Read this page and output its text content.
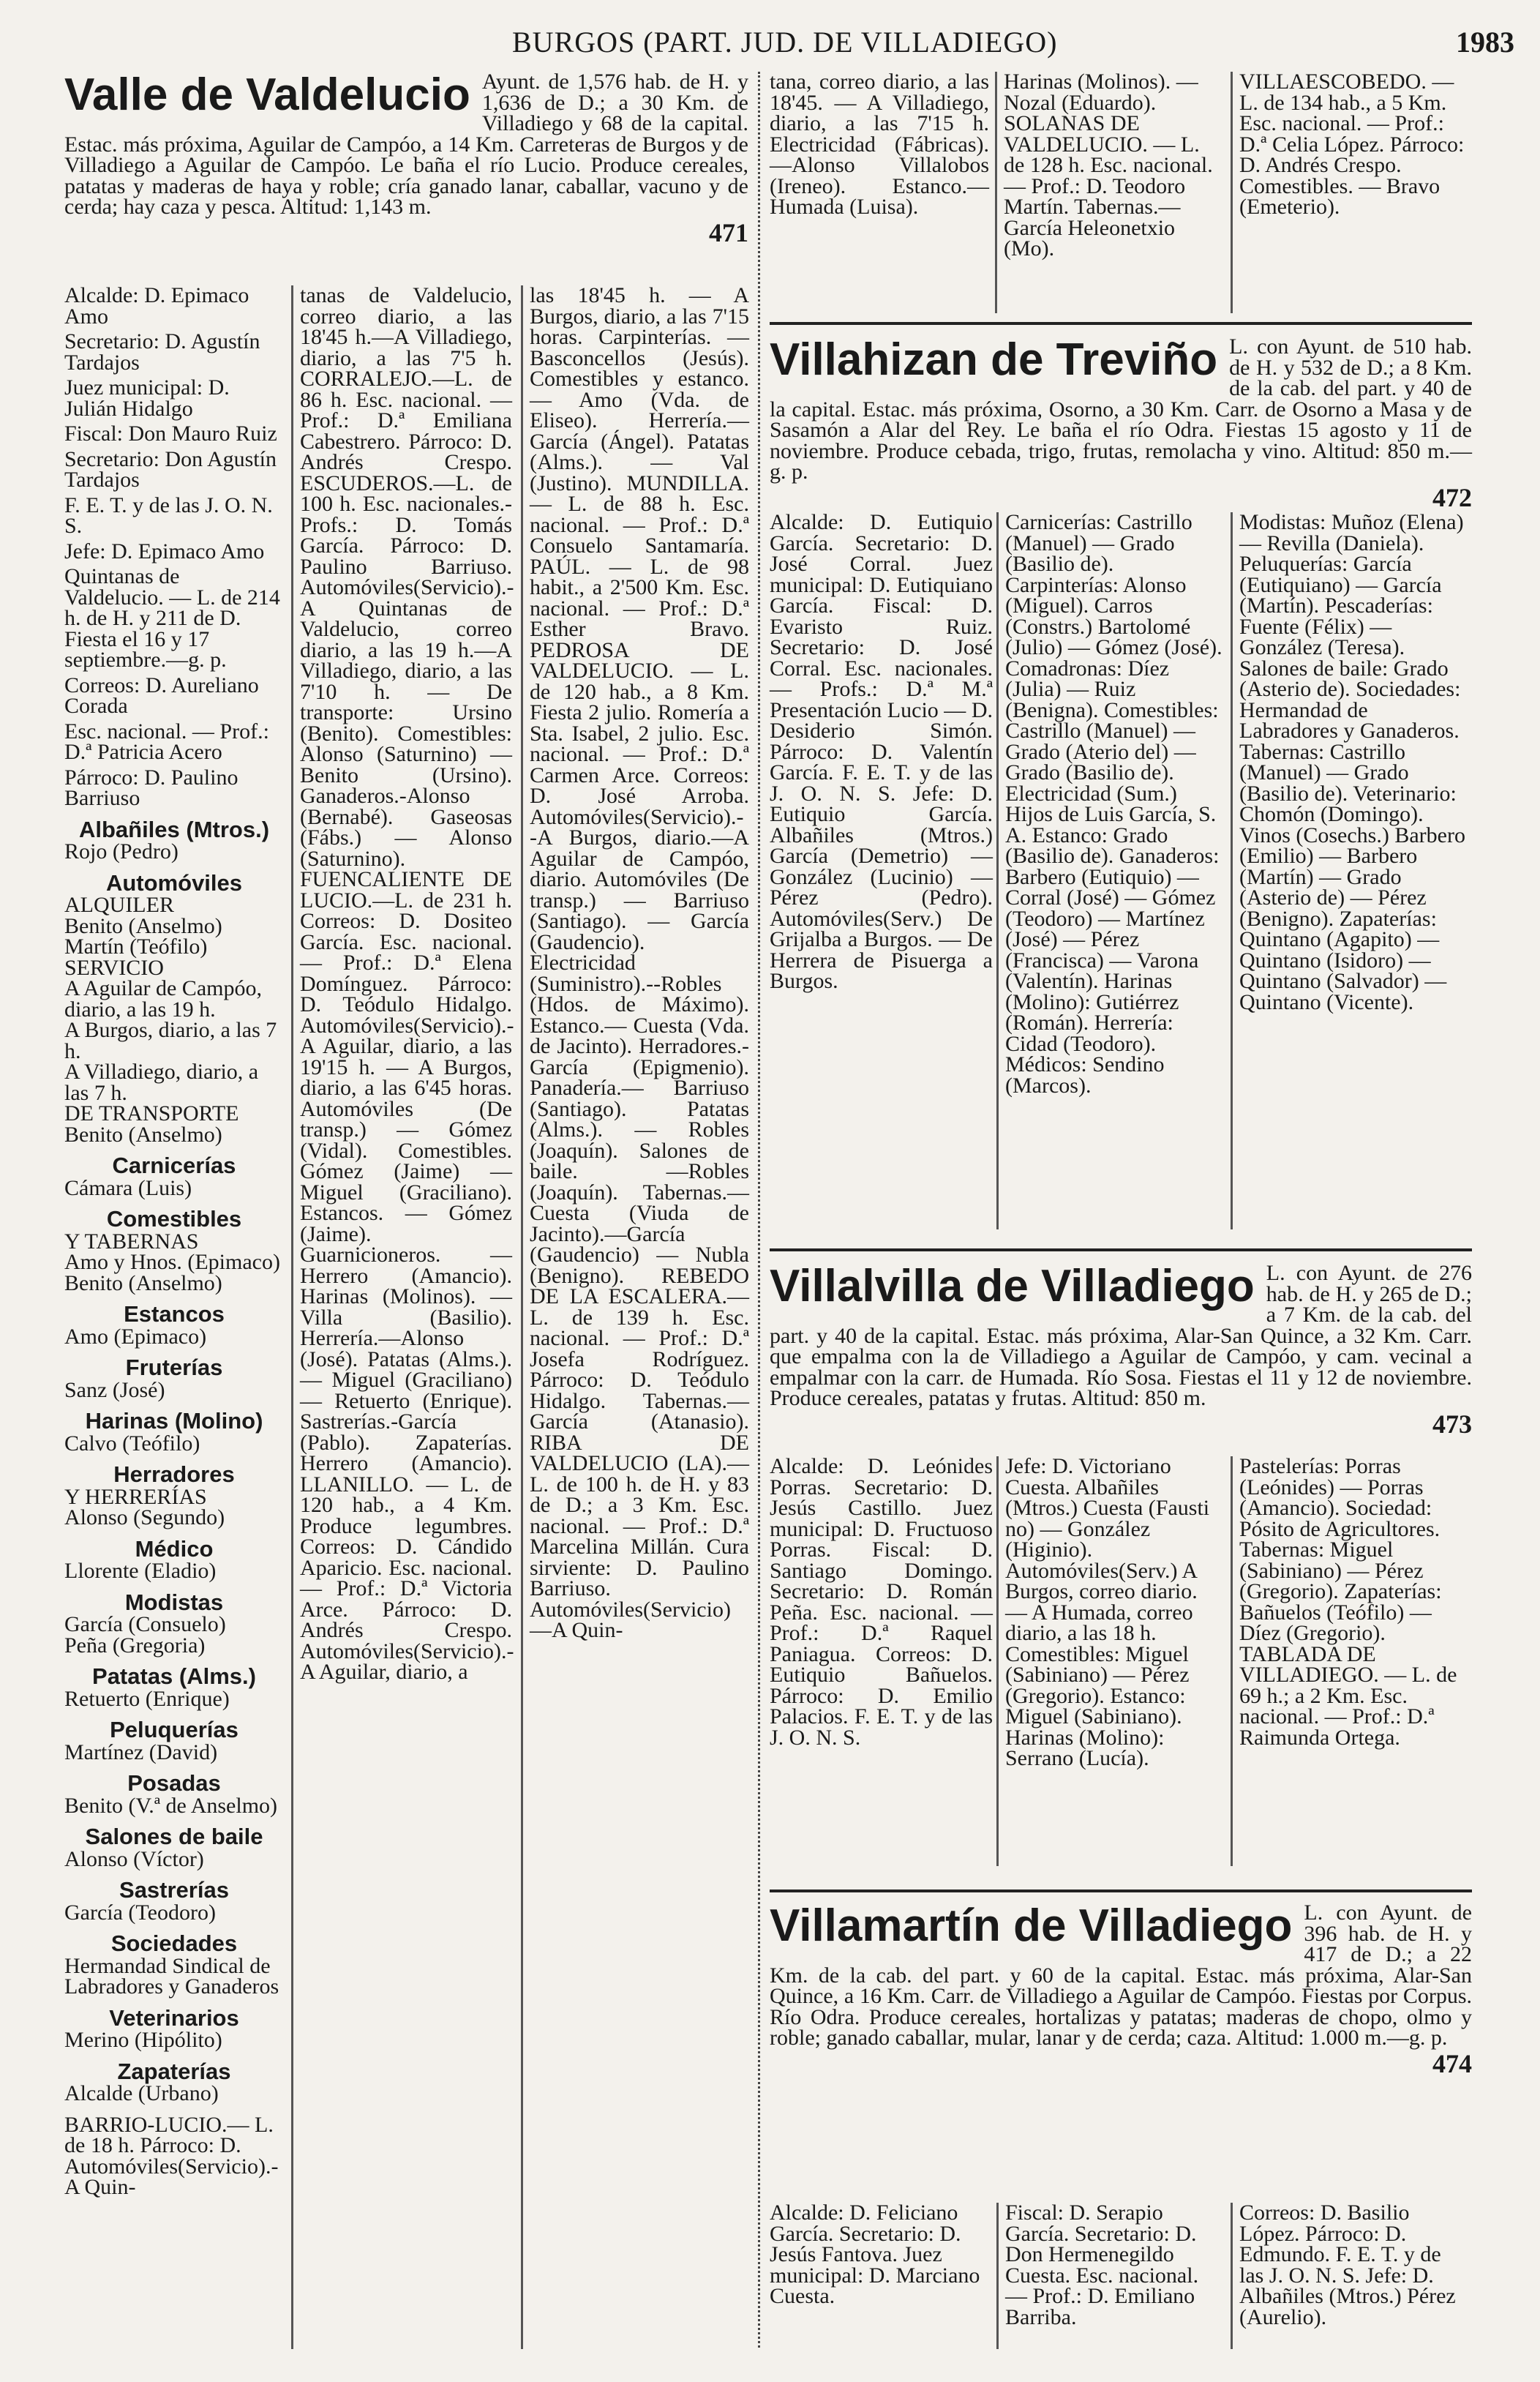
BURGOS (PART. JUD. DE VILLADIEGO)	1983
Valle de Valdelucio Ayunt. de 1,576 hab. de H. y 1,636 de D.; a 30 Km. de Villadiego y 68 de la capital. Estac. más próxima, Aguilar de Campóo, a 14 Km. Carreteras de Burgos y de Villadiego a Aguilar de Campóo. Le baña el río Lucio. Produce cereales, patatas y maderas de haya y roble; cría ganado lanar, caballar, vacuno y de cerda; hay caza y pesca. Altitud: 1,143 m.

471

Alcalde: D. Epimaco Amo

Secretario: D. Agustín Tardajos

Juez municipal: D. Julián Hidalgo

Fiscal: Don Mauro Ruiz

Secretario: Don Agustín Tardajos

F. E. T. y de las J. O. N. S.

Jefe: D. Epimaco Amo

Quintanas de Valdelucio. — L. de 214 h. de H. y 211 de D. Fiesta el 16 y 17 septiembre.—g. p.

Correos: D. Aureliano Corada

Esc. nacional. — Prof.: D.ª Patricia Acero

Párroco: D. Paulino Barriuso

Albañiles (Mtros.)
Rojo (Pedro)
Automóviles
ALQUILER
Benito (Anselmo)
Martín (Teófilo)
SERVICIO
A Aguilar de Campóo, diario, a las 19 h.
A Burgos, diario, a las 7 h.
A Villadiego, diario, a las 7 h.
DE TRANSPORTE
Benito (Anselmo)
Carnicerías
Cámara (Luis)
Comestibles
Y TABERNAS
Amo y Hnos. (Epimaco)
Benito (Anselmo)
Estancos
Amo (Epimaco)
Fruterías
Sanz (José)
Harinas (Molino)
Calvo (Teófilo)
Herradores
Y HERRERÍAS
Alonso (Segundo)
Médico
Llorente (Eladio)
Modistas
García (Consuelo)
Peña (Gregoria)
Patatas (Alms.)
Retuerto (Enrique)
Peluquerías
Martínez (David)
Posadas
Benito (V.ª de Anselmo)
Salones de baile
Alonso (Víctor)
Sastrerías
García (Teodoro)
Sociedades
Hermandad Sindical de Labradores y Ganaderos
Veterinarios
Merino (Hipólito)
Zapaterías
Alcalde (Urbano)

BARRIO-LUCIO.— L. de 18 h. Párroco: D. Automóviles(Servicio).-A Quin-

tanas de Valdelucio, correo diario, a las 18'45 h.—A Villadiego, diario, a las 7'5 h. CORRALEJO.—L. de 86 h. Esc. nacional. — Prof.: D.ª Emiliana Cabestrero. Párroco: D. Andrés Crespo. ESCUDEROS.—L. de 100 h. Esc. nacionales.- Profs.: D. Tomás García. Párroco: D. Paulino Barriuso. Automóviles(Servicio).-A Quintanas de Valdelucio, correo diario, a las 19 h.—A Villadiego, diario, a las 7'10 h. — De transporte: Ursino (Benito). Comestibles: Alonso (Saturnino) — Benito (Ursino). Ganaderos.-Alonso (Bernabé). Gaseosas (Fábs.) — Alonso (Saturnino). FUENCALIENTE DE LUCIO.—L. de 231 h. Correos: D. Dositeo García. Esc. nacional. — Prof.: D.ª Elena Domínguez. Párroco: D. Teódulo Hidalgo. Automóviles(Servicio).-A Aguilar, diario, a las 19'15 h. — A Burgos, diario, a las 6'45 horas. Automóviles (De transp.) — Gómez (Vidal). Comestibles. Gómez (Jaime) —Miguel (Graciliano). Estancos. — Gómez (Jaime). Guarnicioneros. — Herrero (Amancio). Harinas (Molinos). — Villa (Basilio). Herrería.—Alonso (José). Patatas (Alms.). — Miguel (Graciliano) — Retuerto (Enrique). Sastrerías.-García (Pablo). Zapaterías. Herrero (Amancio). LLANILLO. — L. de 120 hab., a 4 Km. Produce legumbres. Correos: D. Cándido Aparicio. Esc. nacional. — Prof.: D.ª Victoria Arce. Párroco: D. Andrés Crespo. Automóviles(Servicio).-A Aguilar, diario, a

las 18'45 h. — A Burgos, diario, a las 7'15 horas. Carpinterías. — Basconcellos (Jesús). Comestibles y estanco. — Amo (Vda. de Eliseo). Herrería.— García (Ángel). Patatas (Alms.). — Val (Justino). MUNDILLA. — L. de 88 h. Esc. nacional. — Prof.: D.ª Consuelo Santamaría. PAÚL. — L. de 98 habit., a 2'500 Km. Esc. nacional. — Prof.: D.ª Esther Bravo. PEDROSA DE VALDELUCIO. — L. de 120 hab., a 8 Km. Fiesta 2 julio. Romería a Sta. Isabel, 2 julio. Esc. nacional. — Prof.: D.ª Carmen Arce. Correos: D. José Arroba. Automóviles(Servicio).--A Burgos, diario.—A Aguilar de Campóo, diario. Automóviles (De transp.) — Barriuso (Santiago). — García (Gaudencio). Electricidad (Suministro).--Robles (Hdos. de Máximo). Estanco.— Cuesta (Vda. de Jacinto). Herradores.-García (Epigmenio). Panadería.— Barriuso (Santiago). Patatas (Alms.). — Robles (Joaquín). Salones de baile. —Robles (Joaquín). Tabernas.—Cuesta (Viuda de Jacinto).—García (Gaudencio) — Nubla (Benigno). REBEDO DE LA ESCALERA.— L. de 139 h. Esc. nacional. — Prof.: D.ª Josefa Rodríguez. Párroco: D. Teódulo Hidalgo. Tabernas.— García (Atanasio). RIBA DE VALDELUCIO (LA).—L. de 100 h. de H. y 83 de D.; a 3 Km. Esc. nacional. — Prof.: D.ª Marcelina Millán. Cura sirviente: D. Paulino Barriuso. Automóviles(Servicio)—A Quin-

tana, correo diario, a las 18'45. — A Villadiego, diario, a las 7'15 h. Electricidad (Fábricas).—Alonso Villalobos (Ireneo). Estanco.—Humada (Luisa).

Harinas (Molinos). — Nozal (Eduardo). SOLANAS DE VALDELUCIO. — L. de 128 h. Esc. nacional. — Prof.: D. Teodoro Martín. Tabernas.—García Heleonetxio (Mo).

VILLAESCOBEDO. — L. de 134 hab., a 5 Km. Esc. nacional. — Prof.: D.ª Celia López. Párroco: D. Andrés Crespo. Comestibles. — Bravo (Emeterio).

Villahizan de Treviño L. con Ayunt. de 510 hab. de H. y 532 de D.; a 8 Km. de la cab. del part. y 40 de la capital. Estac. más próxima, Osorno, a 30 Km. Carr. de Osorno a Masa y de Sasamón a Alar del Rey. Le baña el río Odra. Fiestas 15 agosto y 11 de noviembre. Produce cebada, trigo, frutas, remolacha y vino. Altitud: 850 m.—g. p.

472

Alcalde: D. Eutiquio García. Secretario: D. José Corral. Juez municipal: D. Eutiquiano García. Fiscal: D. Evaristo Ruiz. Secretario: D. José Corral. Esc. nacionales. — Profs.: D.ª M.ª Presentación Lucio — D. Desiderio Simón. Párroco: D. Valentín García. F. E. T. y de las J. O. N. S. Jefe: D. Eutiquio García. Albañiles (Mtros.) García (Demetrio) — González (Lucinio) — Pérez (Pedro). Automóviles(Serv.) De Grijalba a Burgos. — De Herrera de Pisuerga a Burgos.

Carnicerías: Castrillo (Manuel) — Grado (Basilio de). Carpinterías: Alonso (Miguel). Carros (Constrs.) Bartolomé (Julio) — Gómez (José). Comadronas: Díez (Julia) — Ruiz (Benigna). Comestibles: Castrillo (Manuel) — Grado (Aterio del) — Grado (Basilio de). Electricidad (Sum.) Hijos de Luis García, S. A. Estanco: Grado (Basilio de). Ganaderos: Barbero (Eutiquio) — Corral (José) — Gómez (Teodoro) — Martínez (José) — Pérez (Francisca) — Varona (Valentín). Harinas (Molino): Gutiérrez (Román). Herrería: Cidad (Teodoro). Médicos: Sendino (Marcos).

Modistas: Muñoz (Elena) — Revilla (Daniela). Peluquerías: García (Eutiquiano) — García (Martín). Pescaderías: Fuente (Félix) — González (Teresa). Salones de baile: Grado (Asterio de). Sociedades: Hermandad de Labradores y Ganaderos. Tabernas: Castrillo (Manuel) — Grado (Basilio de). Veterinario: Chomón (Domingo). Vinos (Cosechs.) Barbero (Emilio) — Barbero (Martín) — Grado (Asterio de) — Pérez (Benigno). Zapaterías: Quintano (Agapito) — Quintano (Isidoro) — Quintano (Salvador) — Quintano (Vicente).

Villalvilla de Villadiego L. con Ayunt. de 276 hab. de H. y 265 de D.; a 7 Km. de la cab. del part. y 40 de la capital. Estac. más próxima, Alar-San Quince, a 32 Km. Carr. que empalma con la de Villadiego a Aguilar de Campóo, y cam. vecinal a empalmar con la carr. de Humada. Río Sosa. Fiestas el 11 y 12 de noviembre. Produce cereales, patatas y frutas. Altitud: 850 m.

473

Alcalde: D. Leónides Porras. Secretario: D. Jesús Castillo. Juez municipal: D. Fructuoso Porras. Fiscal: D. Santiago Domingo. Secretario: D. Román Peña. Esc. nacional. — Prof.: D.ª Raquel Paniagua. Correos: D. Eutiquio Bañuelos. Párroco: D. Emilio Palacios. F. E. T. y de las J. O. N. S.

Jefe: D. Victoriano Cuesta. Albañiles (Mtros.) Cuesta (Fausti no) — González (Higinio). Automóviles(Serv.) A Burgos, correo diario. — A Humada, correo diario, a las 18 h. Comestibles: Miguel (Sabiniano) — Pérez (Gregorio). Estanco: Miguel (Sabiniano). Harinas (Molino): Serrano (Lucía).

Pastelerías: Porras (Leónides) — Porras (Amancio). Sociedad: Pósito de Agricultores. Tabernas: Miguel (Sabiniano) — Pérez (Gregorio). Zapaterías: Bañuelos (Teófilo) — Díez (Gregorio). TABLADA DE VILLADIEGO. — L. de 69 h.; a 2 Km. Esc. nacional. — Prof.: D.ª Raimunda Ortega.

Villamartín de Villadiego L. con Ayunt. de 396 hab. de H. y 417 de D.; a 22 Km. de la cab. del part. y 60 de la capital. Estac. más próxima, Alar-San Quince, a 16 Km. Carr. de Villadiego a Aguilar de Campóo. Fiestas por Corpus. Río Odra. Produce cereales, hortalizas y patatas; maderas de chopo, olmo y roble; ganado caballar, mular, lanar y de cerda; caza. Altitud: 1.000 m.—g. p.

474

Alcalde: D. Feliciano García. Secretario: D. Jesús Fantova. Juez municipal: D. Marciano Cuesta.

Fiscal: D. Serapio García. Secretario: D. Don Hermenegildo Cuesta. Esc. nacional. — Prof.: D. Emiliano Barriba.

Correos: D. Basilio López. Párroco: D. Edmundo. F. E. T. y de las J. O. N. S. Jefe: D. Albañiles (Mtros.) Pérez (Aurelio).
